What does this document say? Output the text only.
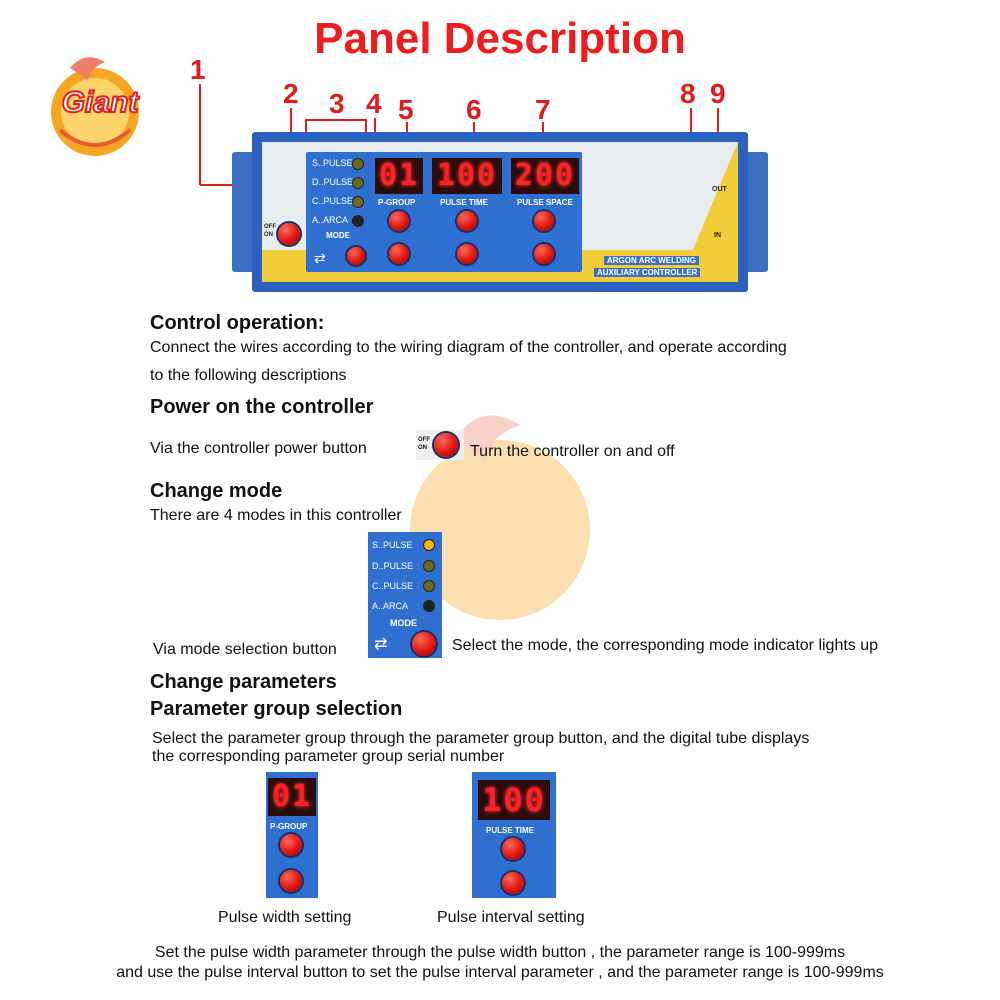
Giant
Panel Description
1
2 3 4 5 6 7
8 9
OFF
ON
S..PULSE
D..PULSE
C..PULSE
A..ARCA
MODE
⇄
01 100 200
P-GROUP	PULSE TIME	PULSE SPACE
ARGON ARC WELDING
AUXILIARY CONTROLLER
OUT
IN
Control operation:
Connect the wires according to the wiring diagram of the controller, and operate according
to the following descriptions
Power on the controller
Via the controller power button	OFF
ON	Turn the controller on and off
Change mode
There are 4 modes in this controller
S..PULSE
D..PULSE
C..PULSE
A..ARCA
MODE
⇄
Via mode selection button	Select the mode, the corresponding mode indicator lights up
Change parameters
Parameter group selection
Select the parameter group through the parameter group button, and the digital tube displays
the corresponding parameter group serial number
01
P-GROUP
Pulse width setting
100
PULSE TIME
Pulse interval setting
Set the pulse width parameter through the pulse width button , the parameter range is 100-999ms
and use the pulse interval button to set the pulse interval parameter , and the parameter range is 100-999ms
